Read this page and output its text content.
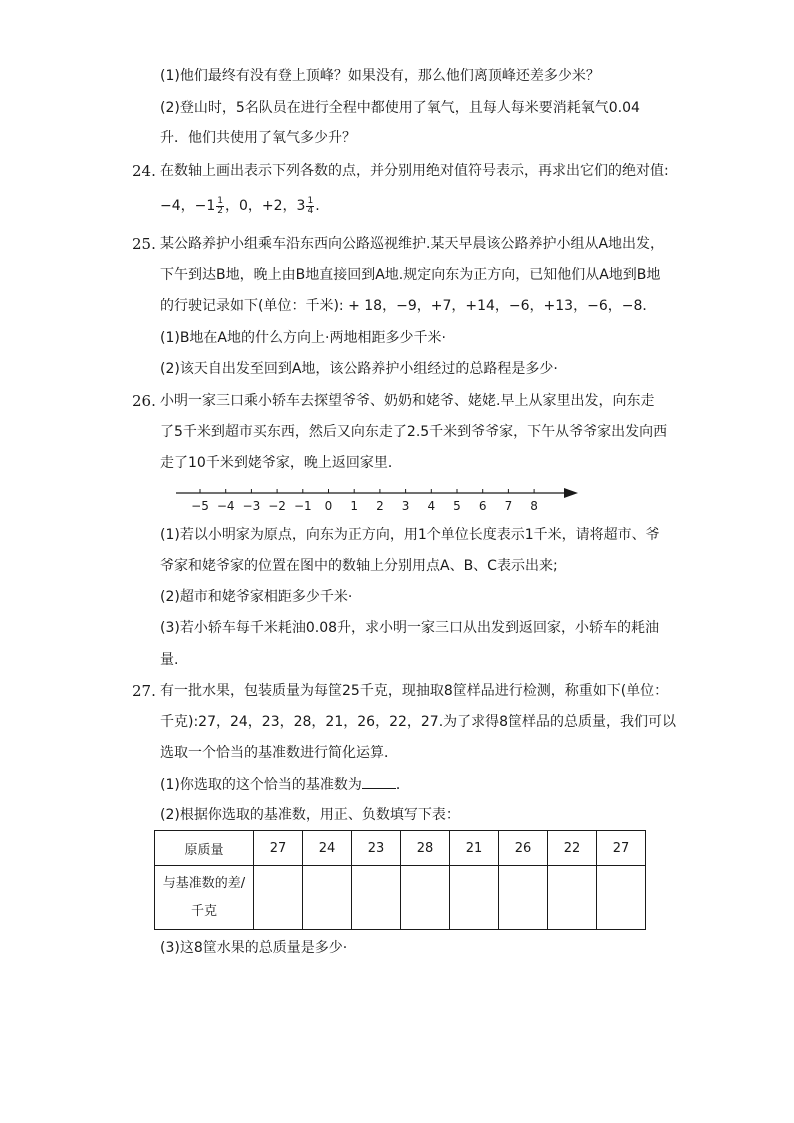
(1)他们最终有没有登上顶峰？如果没有，那么他们离顶峰还差多少米？
(2)登山时，5名队员在进行全程中都使用了氧气，且每人每米要消耗氧气0.04
升．他们共使用了氧气多少升？
24. 在数轴上画出表示下列各数的点，并分别用绝对值符号表示，再求出它们的绝对值:
−4，$-1 \frac{1}{2}$ ，0，+2，$3 \frac{1}{4}$ .
25. 某公路养护小组乘车沿东西向公路巡视维护.某天早晨该公路养护小组从A地出发，
下午到达B地，晚上由B地直接回到A地.规定向东为正方向，已知他们从A地到B地
的行驶记录如下(单位：千米): + 18，−9，+7，+14，−6，+13，−6，−8．
(1)B地在A地的什么方向上·两地相距多少千米·
(2)该天自出发至回到A地，该公路养护小组经过的总路程是多少·
26. 小明一家三口乘小轿车去探望爷爷、奶奶和姥爷、姥姥.早上从家里出发，向东走
了5千米到超市买东西，然后又向东走了2.5千米到爷爷家，下午从爷爷家出发向西
走了10千米到姥爷家，晚上返回家里．
−5 −4 −3 −2 −1 0 1 2 3 4 5 6 7 8
(1)若以小明家为原点，向东为正方向，用1个单位长度表示1千米，请将超市、爷
爷家和姥爷家的位置在图中的数轴上分别用点A、B、C表示出来;
(2)超市和姥爷家相距多少千米·
(3)若小轿车每千米耗油0.08升，求小明一家三口从出发到返回家，小轿车的耗油
量.
27. 有一批水果，包装质量为每筐25千克，现抽取8筐样品进行检测，称重如下(单位：
千克):27，24，23，28，21，26，22，27.为了求得8筐样品的总质量，我们可以
选取一个恰当的基准数进行简化运算．
(1)你选取的这个恰当的基准数为 ．
(2)根据你选取的基准数，用正、负数填写下表：
原质量	27	24	23	28	21	26	22	27
与基准数的差/
千克								
(3)这8筐水果的总质量是多少·
